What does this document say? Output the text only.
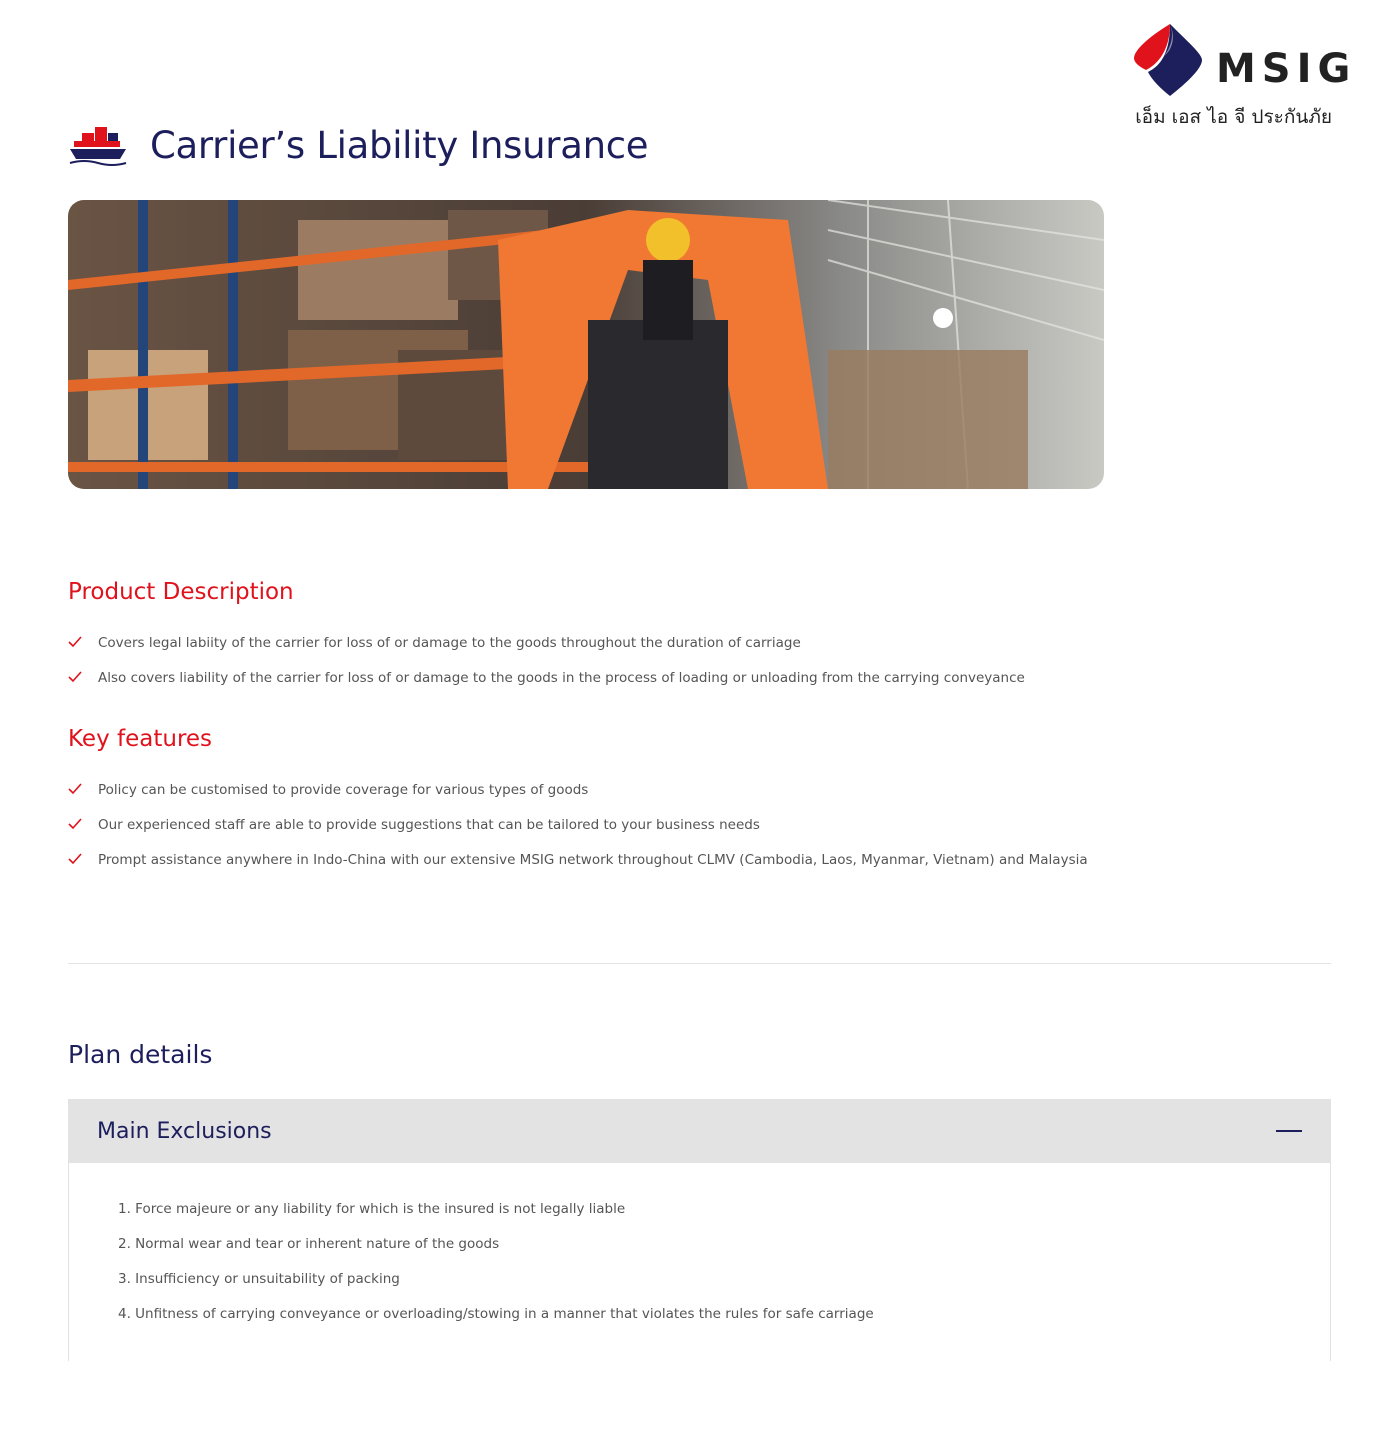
MSIG
เอ็ม เอส ไอ จี ประกันภัย
Carrier’s Liability Insurance
Product Description
Covers legal labiity of the carrier for loss of or damage to the goods throughout the duration of carriage
Also covers liability of the carrier for loss of or damage to the goods in the process of loading or unloading from the carrying conveyance
Key features
Policy can be customised to provide coverage for various types of goods
Our experienced staff are able to provide suggestions that can be tailored to your business needs
Prompt assistance anywhere in Indo-China with our extensive MSIG network throughout CLMV (Cambodia, Laos, Myanmar, Vietnam) and Malaysia
Plan details
Main Exclusions
1. Force majeure or any liability for which is the insured is not legally liable
2. Normal wear and tear or inherent nature of the goods
3. Insufficiency or unsuitability of packing
4. Unfitness of carrying conveyance or overloading/stowing in a manner that violates the rules for safe carriage
